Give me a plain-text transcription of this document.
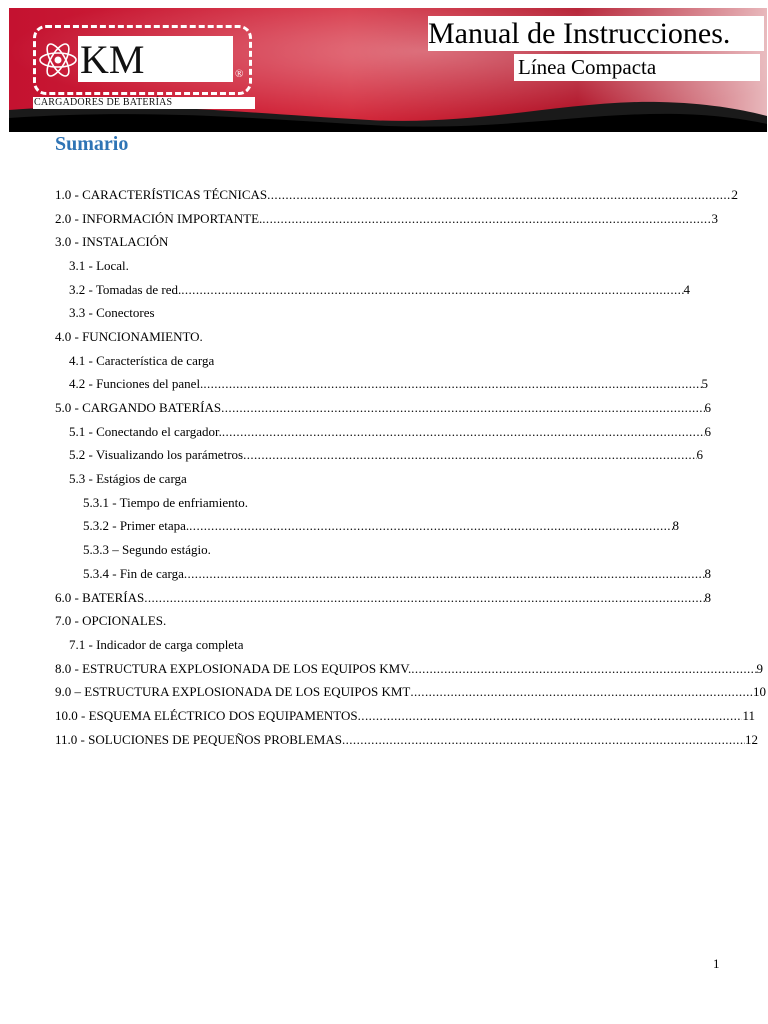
KM	®
CARGADORES DE BATERÍAS
Manual de Instrucciones.
Línea Compacta
Sumario
1.0 - CARACTERÍSTICAS TÉCNICAS .....	2
2.0 - INFORMACIÓN IMPORTANTE. .....	3
3.0 - INSTALACIÓN
3.1 - Local.
3.2 - Tomadas de red. .....	4
3.3 - Conectores
4.0 - FUNCIONAMIENTO.
4.1 - Característica de carga
4.2 - Funciones del panel. .....	5
5.0 - CARGANDO BATERÍAS .....	6
5.1 - Conectando el cargador. .....	6
5.2 - Visualizando los parámetros .....	6
5.3 - Estágios de carga
5.3.1 - Tiempo de enfriamiento.
5.3.2 - Primer etapa. .....	8
5.3.3 – Segundo estágio.
5.3.4 - Fin de carga .....	8
6.0 - BATERÍAS .....	8
7.0 - OPCIONALES.
7.1 - Indicador de carga completa
8.0 - ESTRUCTURA EXPLOSIONADA DE LOS EQUIPOS KMV. .....	9
9.0 – ESTRUCTURA EXPLOSIONADA DE LOS EQUIPOS KMT .....	10
10.0 - ESQUEMA ELÉCTRICO DOS EQUIPAMENTOS .....	11
11.0 - SOLUCIONES DE PEQUEÑOS PROBLEMAS .....	12
1
